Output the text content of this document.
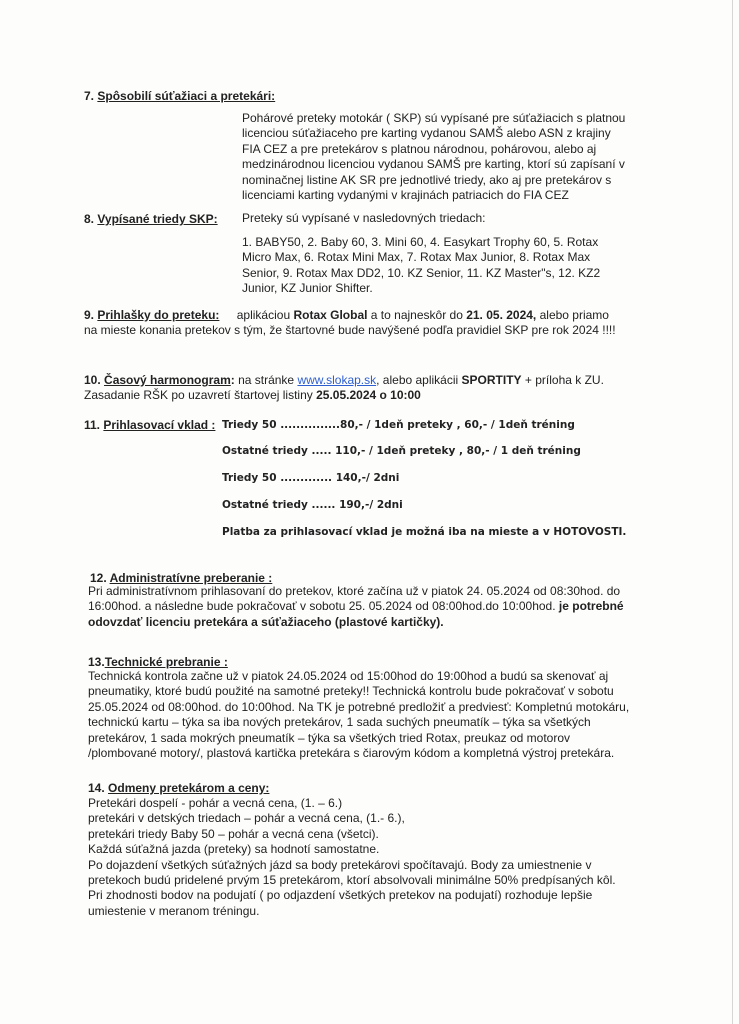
7. Spôsobilí súťažiaci a pretekári:
Pohárové preteky motokár ( SKP) sú vypísané pre súťažiacich s platnou
licenciou súťažiaceho pre karting vydanou SAMŠ alebo ASN z krajiny
FIA CEZ a pre pretekárov s platnou národnou, pohárovou, alebo aj
medzinárodnou licenciou vydanou SAMŠ pre karting, ktorí sú zapísaní v
nominačnej listine AK SR pre jednotlivé triedy, ako aj pre pretekárov s
licenciami karting vydanými v krajinách patriacich do FIA CEZ
8. Vypísané triedy SKP: Preteky sú vypísané v nasledovných triedach:
1. BABY50, 2. Baby 60, 3. Mini 60, 4. Easykart Trophy 60, 5. Rotax
Micro Max, 6. Rotax Mini Max, 7. Rotax Max Junior, 8. Rotax Max
Senior, 9. Rotax Max DD2, 10. KZ Senior, 11. KZ Master"s, 12. KZ2
Junior, KZ Junior Shifter.
9. Prihlašky do preteku: aplikáciou Rotax Global a to najneskôr do 21. 05. 2024, alebo priamo
na mieste konania pretekov s tým, že štartovné bude navýšené podľa pravidiel SKP pre rok 2024 !!!!
10. Časový harmonogram: na stránke www.slokap.sk, alebo aplikácii SPORTITY + príloha k ZU.
Zasadanie RŠK po uzavretí štartovej listiny 25.05.2024 o 10:00
11. Prihlasovací vklad : Triedy 50 ...............80,- / 1deň preteky , 60,- / 1deň tréning
Ostatné triedy ..... 110,- / 1deň preteky , 80,- / 1 deň tréning
Triedy 50 ............. 140,-/ 2dni
Ostatné triedy ...... 190,-/ 2dni
Platba za prihlasovací vklad je možná iba na mieste a v HOTOVOSTI.
12. Administratívne preberanie :
Pri administratívnom prihlasovaní do pretekov, ktoré začína už v piatok 24. 05.2024 od 08:30hod. do
16:00hod. a následne bude pokračovať v sobotu 25. 05.2024 od 08:00hod.do 10:00hod. je potrebné
odovzdať licenciu pretekára a súťažiaceho (plastové kartičky).
13.Technické prebranie :
Technická kontrola začne už v piatok 24.05.2024 od 15:00hod do 19:00hod a budú sa skenovať aj
pneumatiky, ktoré budú použité na samotné preteky!! Technická kontrolu bude pokračovať v sobotu
25.05.2024 od 08:00hod. do 10:00hod. Na TK je potrebné predložiť a predviesť: Kompletnú motokáru,
technickú kartu – týka sa iba nových pretekárov, 1 sada suchých pneumatík – týka sa všetkých
pretekárov, 1 sada mokrých pneumatík – týka sa všetkých tried Rotax, preukaz od motorov
/plombované motory/, plastová kartička pretekára s čiarovým kódom a kompletná výstroj pretekára.
14. Odmeny pretekárom a ceny:
Pretekári dospelí - pohár a vecná cena, (1. – 6.)
pretekári v detských triedach – pohár a vecná cena, (1.- 6.),
pretekári triedy Baby 50 – pohár a vecná cena (všetci).
Každá súťažná jazda (preteky) sa hodnotí samostatne.
Po dojazdení všetkých súťažných jázd sa body pretekárovi spočítavajú. Body za umiestnenie v
pretekoch budú pridelené prvým 15 pretekárom, ktorí absolvovali minimálne 50% predpísaných kôl.
Pri zhodnosti bodov na podujatí ( po odjazdení všetkých pretekov na podujatí) rozhoduje lepšie
umiestenie v meranom tréningu.
